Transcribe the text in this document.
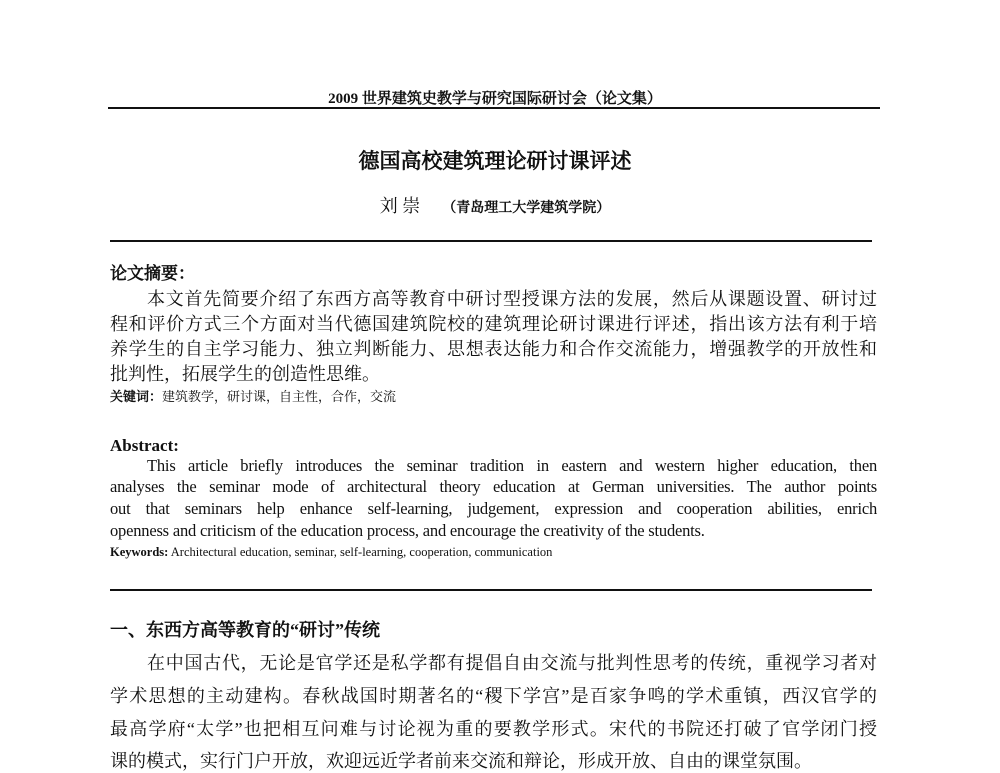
2009 世界建筑史教学与研究国际研讨会（论文集）
德国高校建筑理论研讨课评述
刘 崇 （青岛理工大学建筑学院）
论文摘要：
本文首先简要介绍了东西方高等教育中研讨型授课方法的发展，然后从课题设置、研讨过
程和评价方式三个方面对当代德国建筑院校的建筑理论研讨课进行评述，指出该方法有利于培
养学生的自主学习能力、独立判断能力、思想表达能力和合作交流能力，增强教学的开放性和
批判性，拓展学生的创造性思维。
关键词：建筑教学，研讨课，自主性，合作，交流
Abstract:
This article briefly introduces the seminar tradition in eastern and western higher education, then
analyses the seminar mode of architectural theory education at German universities. The author points
out that seminars help enhance self-learning, judgement, expression and cooperation abilities, enrich
openness and criticism of the education process, and encourage the creativity of the students.
Keywords: Architectural education, seminar, self-learning, cooperation, communication
一、东西方高等教育的“研讨”传统
在中国古代，无论是官学还是私学都有提倡自由交流与批判性思考的传统，重视学习者对
学术思想的主动建构。春秋战国时期著名的“稷下学宫”是百家争鸣的学术重镇，西汉官学的
最高学府“太学”也把相互问难与讨论视为重的要教学形式。宋代的书院还打破了官学闭门授
课的模式，实行门户开放，欢迎远近学者前来交流和辩论，形成开放、自由的课堂氛围。
